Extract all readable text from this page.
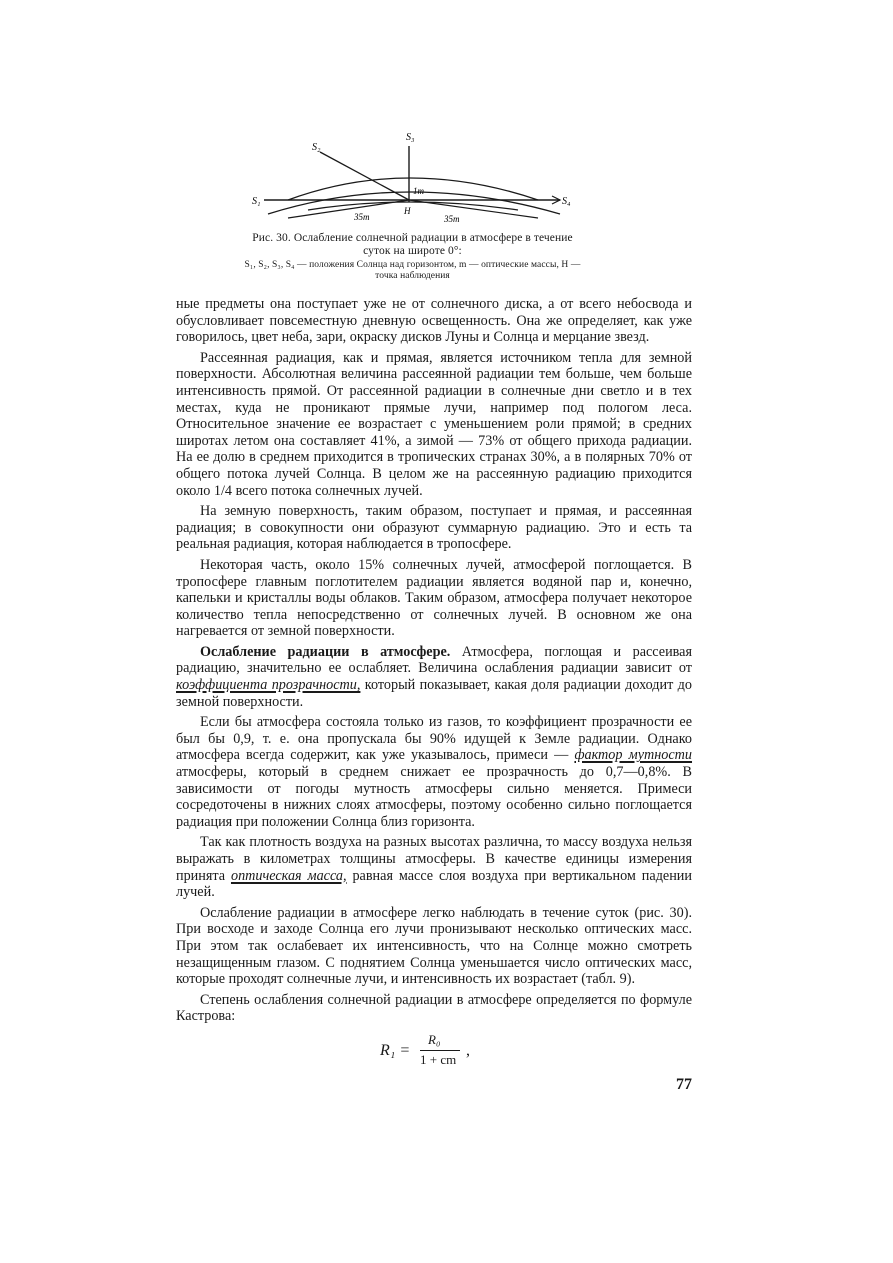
S₃
S₂
S₁	S₄
1m
H
35m	35m
Рис. 30. Ослабление солнечной радиации в атмосфере в течение суток на широте 0°:
S₁, S₂, S₃, S₄ — положения Солнца над горизонтом, m — оптические массы, H — точка наблюдения

ные предметы она поступает уже не от солнечного диска, а от всего небосвода и обусловливает повсеместную дневную освещенность. Она же определяет, как уже говорилось, цвет неба, зари, окраску дисков Луны и Солнца и мерцание звезд.

Рассеянная радиация, как и прямая, является источником тепла для земной поверхности. Абсолютная величина рассеянной радиации тем больше, чем больше интенсивность прямой. От рассеянной радиации в солнечные дни светло и в тех местах, куда не проникают прямые лучи, например под пологом леса. Относительное значение ее возрастает с уменьшением роли прямой; в средних широтах летом она составляет 41%, а зимой — 73% от общего прихода радиации. На ее долю в среднем приходится в тропических странах 30%, а в полярных 70% от общего потока лучей Солнца. В целом же на рассеянную радиацию приходится около 1/4 всего потока солнечных лучей.

На земную поверхность, таким образом, поступает и прямая, и рассеянная радиация; в совокупности они образуют суммарную радиацию. Это и есть та реальная радиация, которая наблюдается в тропосфере.

Некоторая часть, около 15% солнечных лучей, атмосферой поглощается. В тропосфере главным поглотителем радиации является водяной пар и, конечно, капельки и кристаллы воды облаков. Таким образом, атмосфера получает некоторое количество тепла непосредственно от солнечных лучей. В основном же она нагревается от земной поверхности.

Ослабление радиации в атмосфере. Атмосфера, поглощая и рассеивая радиацию, значительно ее ослабляет. Величина ослабления радиации зависит от коэффициента прозрачности, который показывает, какая доля радиации доходит до земной поверхности.

Если бы атмосфера состояла только из газов, то коэффициент прозрачности ее был бы 0,9, т. е. она пропускала бы 90% идущей к Земле радиации. Однако атмосфера всегда содержит, как уже указывалось, примеси — фактор мутности атмосферы, который в среднем снижает ее прозрачность до 0,7—0,8%. В зависимости от погоды мутность атмосферы сильно меняется. Примеси сосредоточены в нижних слоях атмосферы, поэтому особенно сильно поглощается радиация при положении Солнца близ горизонта.

Так как плотность воздуха на разных высотах различна, то массу воздуха нельзя выражать в километрах толщины атмосферы. В качестве единицы измерения принята оптическая масса, равная массе слоя воздуха при вертикальном падении лучей.

Ослабление радиации в атмосфере легко наблюдать в течение суток (рис. 30). При восходе и заходе Солнца его лучи пронизывают несколько оптических масс. При этом так ослабевает их интенсивность, что на Солнце можно смотреть незащищенным глазом. С поднятием Солнца уменьшается число оптических масс, которые проходят солнечные лучи, и интенсивность их возрастает (табл. 9).

Степень ослабления солнечной радиации в атмосфере определяется по формуле Кастрова:

R₁ =
R₀
1 + cm
,
77
